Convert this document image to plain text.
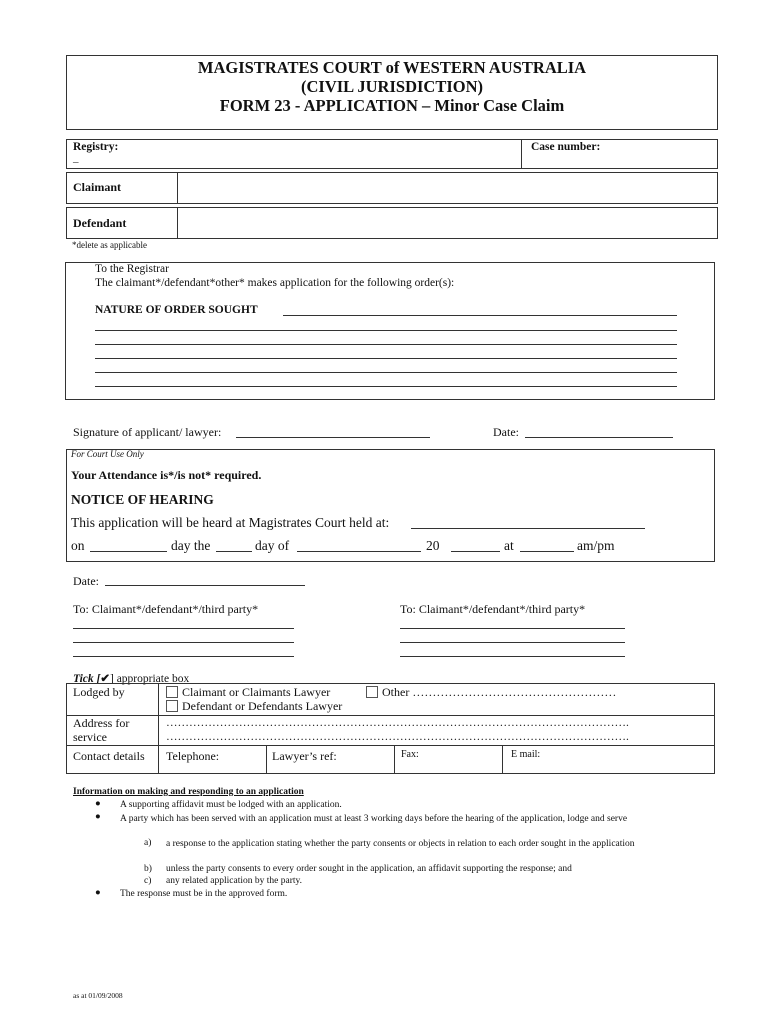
MAGISTRATES COURT of WESTERN AUSTRALIA
(CIVIL JURISDICTION)
FORM 23 - APPLICATION – Minor Case Claim
Registry:
_
Case number:
Claimant
Defendant
*delete as applicable
To the Registrar
The claimant*/defendant*other* makes application for the following order(s):
NATURE OF ORDER SOUGHT
Signature of applicant/ lawyer:	Date:
For Court Use Only
Your Attendance is*/is not* required.
NOTICE OF HEARING
This application will be heard at Magistrates Court held at:
on	day the	day of	20	at	am/pm
Date:
To: Claimant*/defendant*/third party*	To: Claimant*/defendant*/third party*
Tick [✔] appropriate box
Lodged by	Claimant or Claimants Lawyer	Other ……………………………………………
Defendant or Defendants Lawyer
Address for
service
………………………………………………………………………………………………………….
………………………………………………………………………………………………………….
Contact details Telephone:	Lawyer’s ref:	Fax:	E mail:
Information on making and responding to an application
● A supporting affidavit must be lodged with an application.
● A party which has been served with an application must at least 3 working days before the hearing of the application, lodge and serve
a) a response to the application stating whether the party consents or objects in relation to each order sought in the application
b) unless the party consents to every order sought in the application, an affidavit supporting the response; and
c) any related application by the party.
● The response must be in the approved form.
as at 01/09/2008
